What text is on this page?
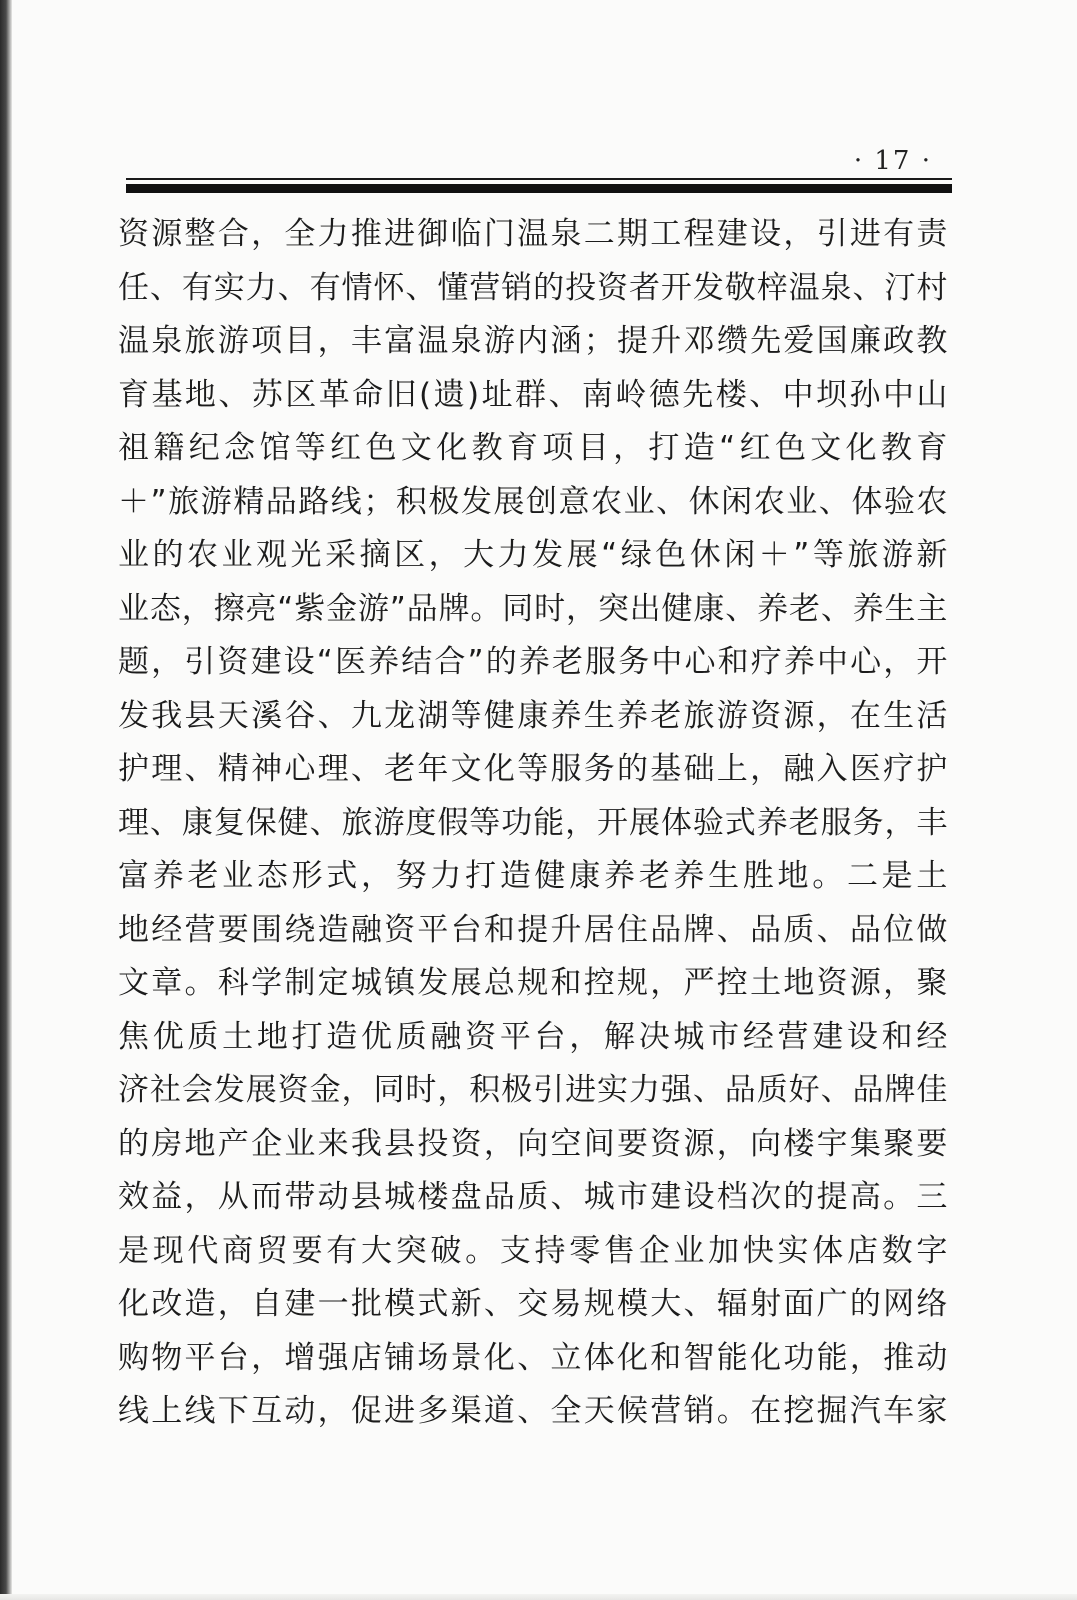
· 17 ·
资源整合，全力推进御临门温泉二期工程建设，引进有责
任、有实力、有情怀、懂营销的投资者开发敬梓温泉、汀村
温泉旅游项目，丰富温泉游内涵；提升邓缵先爱国廉政教
育基地、苏区革命旧(遗)址群、南岭德先楼、中坝孙中山
祖籍纪念馆等红色文化教育项目，打造“红色文化教育
＋”旅游精品路线；积极发展创意农业、休闲农业、体验农
业的农业观光采摘区，大力发展“绿色休闲＋”等旅游新
业态，擦亮“紫金游”品牌。同时，突出健康、养老、养生主
题，引资建设“医养结合”的养老服务中心和疗养中心，开
发我县天溪谷、九龙湖等健康养生养老旅游资源，在生活
护理、精神心理、老年文化等服务的基础上，融入医疗护
理、康复保健、旅游度假等功能，开展体验式养老服务，丰
富养老业态形式，努力打造健康养老养生胜地。二是土
地经营要围绕造融资平台和提升居住品牌、品质、品位做
文章。科学制定城镇发展总规和控规，严控土地资源，聚
焦优质土地打造优质融资平台，解决城市经营建设和经
济社会发展资金，同时，积极引进实力强、品质好、品牌佳
的房地产企业来我县投资，向空间要资源，向楼宇集聚要
效益，从而带动县城楼盘品质、城市建设档次的提高。三
是现代商贸要有大突破。支持零售企业加快实体店数字
化改造，自建一批模式新、交易规模大、辐射面广的网络
购物平台，增强店铺场景化、立体化和智能化功能，推动
线上线下互动，促进多渠道、全天候营销。在挖掘汽车家
